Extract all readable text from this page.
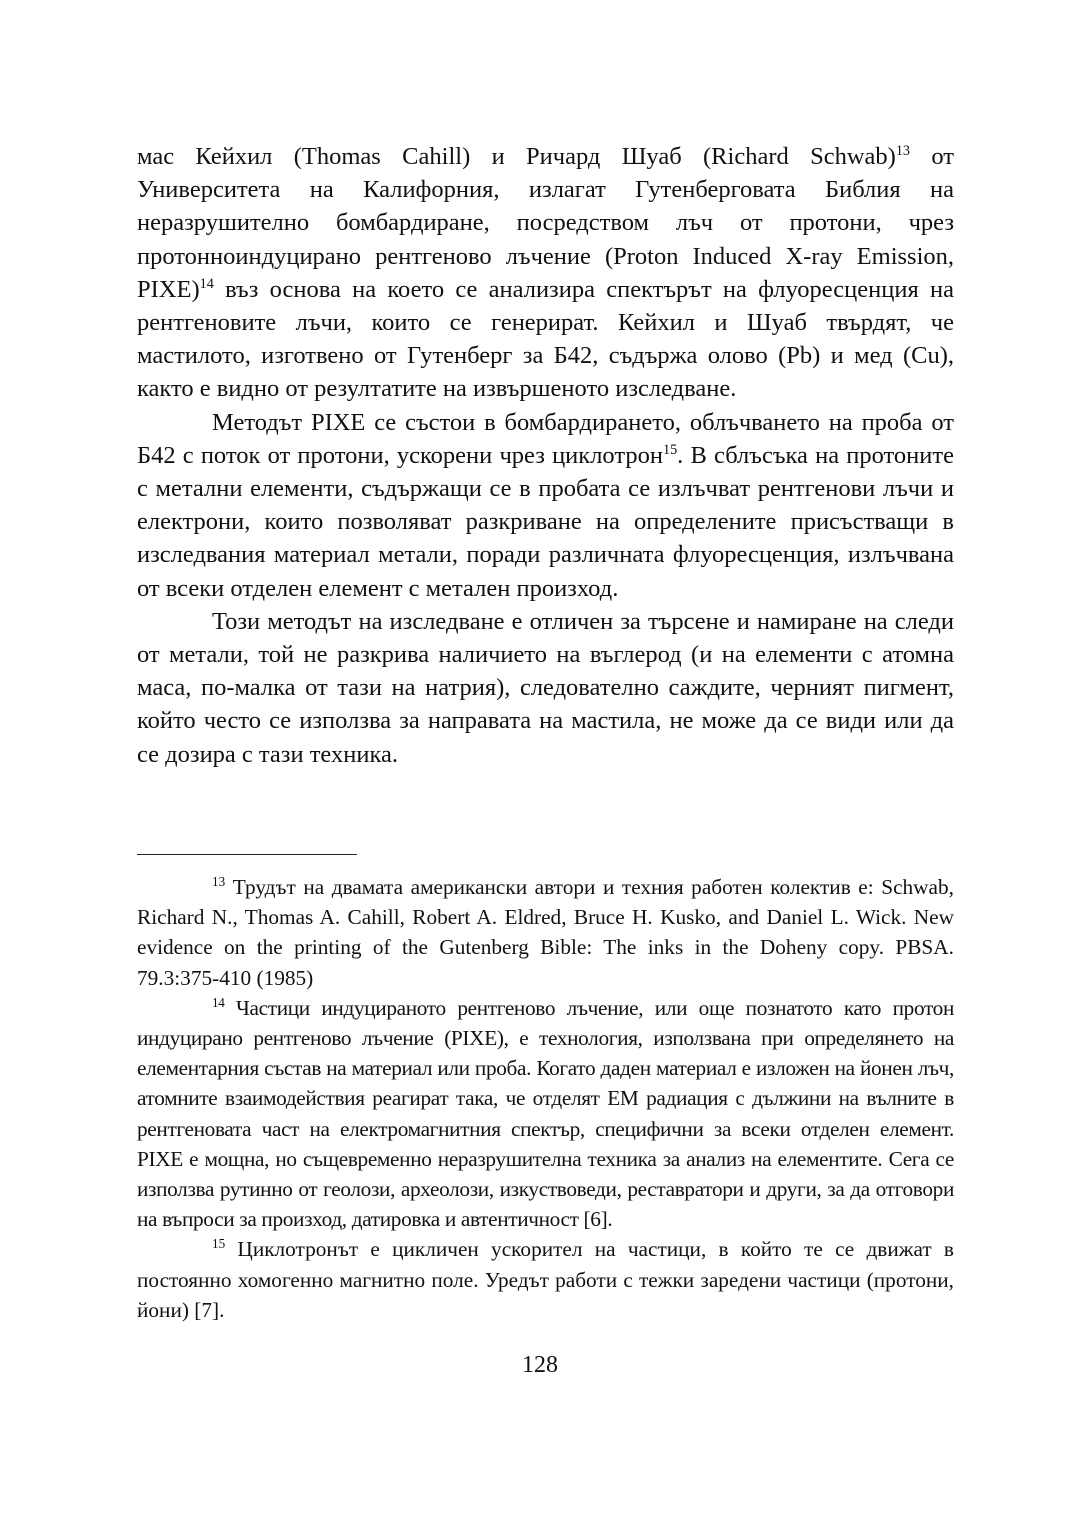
мас Кейхил (Thomas Cahill) и Ричард Шуаб (Richard Schwab)$^{13}$ от Университета на Калифорния, излагат Гутенберговата Библия на неразрушително бомбардиране, посредством лъч от протони, чрез протонноиндуцирано рентгеново лъчение (Proton Induced X-ray Emission, PIXE)$^{14}$ въз основа на което се анализира спектърът на флуоресценция на рентгеновите лъчи, които се генерират. Кейхил и Шуаб твърдят, че мастилото, изготвено от Гутенберг за Б42, съдържа олово (Pb) и мед (Cu), както е видно от резултатите на извършеното изследване.

Методът PIXE се състои в бомбардирането, облъчването на проба от Б42 с поток от протони, ускорени чрез циклотрон$^{15}$. В сблъсъка на протоните с метални елементи, съдържащи се в пробата се излъчват рентгенови лъчи и електрони, които позволяват разкриване на определените присъстващи в изследвания материал метали, поради различната флуоресценция, излъчвана от всеки отделен елемент с метален произход.

Този методът на изследване е отличен за търсене и намиране на следи от метали, той не разкрива наличието на въглерод (и на елементи с атомна маса, по-малка от тази на натрия), следователно саждите, черният пигмент, който често се използва за направата на мастила, не може да се види или да се дозира с тази техника.

$^{13}$ Трудът на двамата американски автори и техния работен колектив е: Schwab, Richard N., Thomas A. Cahill, Robert A. Eldred, Bruce H. Kusko, and Daniel L. Wick. New evidence on the printing of the Gutenberg Bible: The inks in the Doheny copy. PBSA. 79.3:375-410 (1985)

$^{14}$ Частици индуцираното рентгеново лъчение, или още познатото като протон индуцирано рентгеново лъчение (PIXE), е технология, използвана при определянето на елементарния състав на материал или проба. Когато даден материал е изложен на йонен лъч, атомните взаимодействия реагират така, че отделят ЕМ радиация с дължини на вълните в рентгеновата част на електромагнитния спектър, специфични за всеки отделен елемент. PIXE е мощна, но същевременно неразрушителна техника за анализ на елементите. Сега се използва рутинно от геолози, археолози, изкуствоведи, реставратори и други, за да отговори на въпроси за произход, датировка и автентичност [6].

$^{15}$ Циклотронът е цикличен ускорител на частици, в който те се движат в постоянно хомогенно магнитно поле. Уредът работи с тежки заредени частици (протони, йони) [7].

128
